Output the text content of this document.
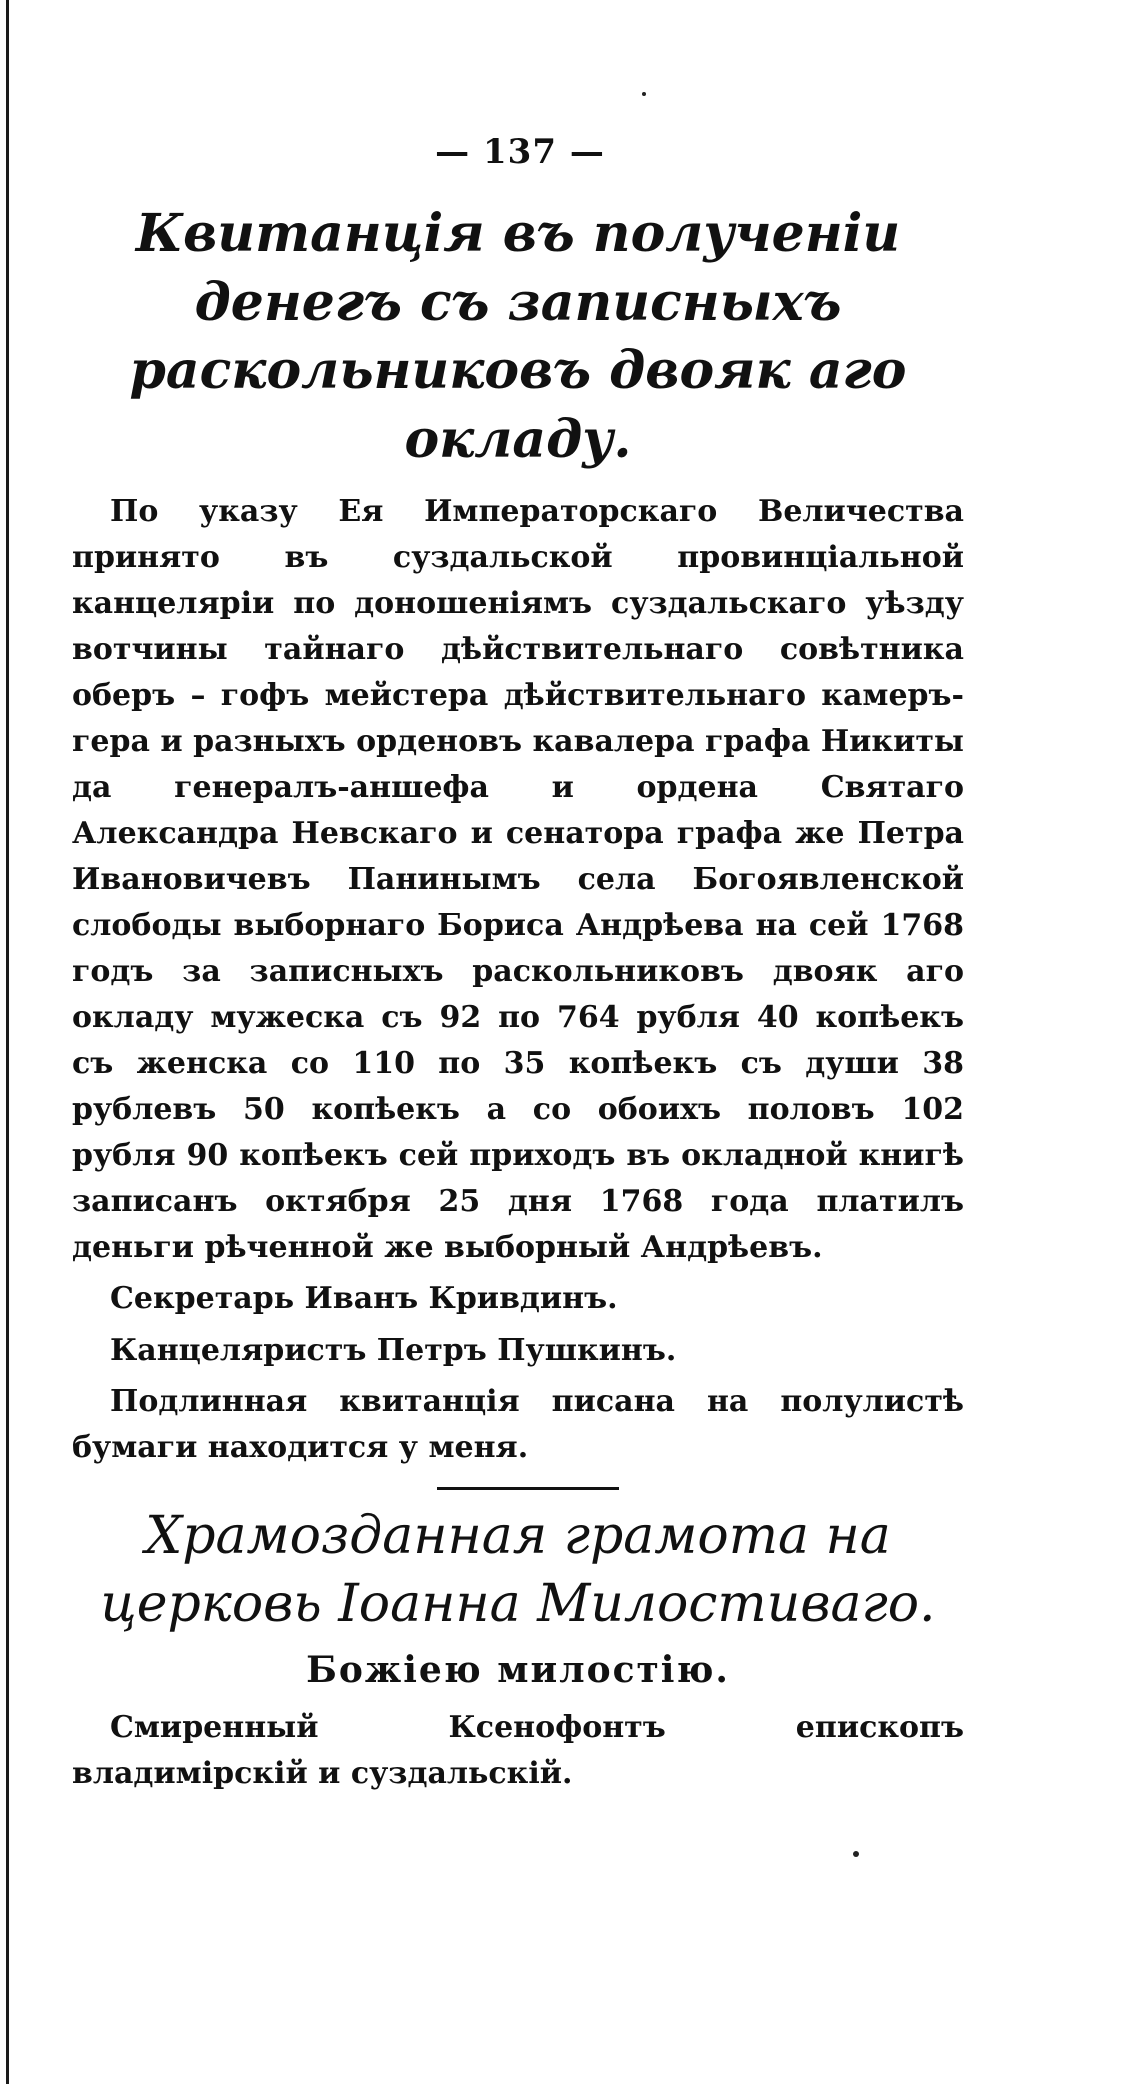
— 137 —
Квитанція въ полученіи денегъ съ записныхъ раскольниковъ двояк аго окладу.

По указу Ея Императорскаго Величества принято въ суздальской провинціальной канцеляріи по доношеніямъ суздальскаго уѣзду вотчины тайнаго дѣйствительнаго совѣтника оберъ – гофъ мейстера дѣйствительнаго камеръ-гера и разныхъ орденовъ кавалера графа Никиты да генералъ-аншефа и ордена Святаго Александра Невскаго и сенатора графа же Петра Ивановичевъ Панинымъ села Богоявленской слободы выборнаго Бориса Андрѣева на сей 1768 годъ за записныхъ раскольниковъ двояк аго окладу мужеска съ 92 по 764 рубля 40 копѣекъ съ женска со 110 по 35 копѣекъ съ души 38 рублевъ 50 копѣекъ а со обоихъ половъ 102 рубля 90 копѣекъ сей приходъ въ окладной книгѣ записанъ октября 25 дня 1768 года платилъ деньги рѣченной же выборный Андрѣевъ.

Секретарь Иванъ Кривдинъ.
Канцеляристъ Петръ Пушкинъ.

Подлинная квитанція писана на полулистѣ бумаги находится у меня.

Храмозданная грамота на церковь Іоанна Милостиваго.
Божіею милостію.

Смиренный Ксенофонтъ епископъ владимірскій и суздальскій.
